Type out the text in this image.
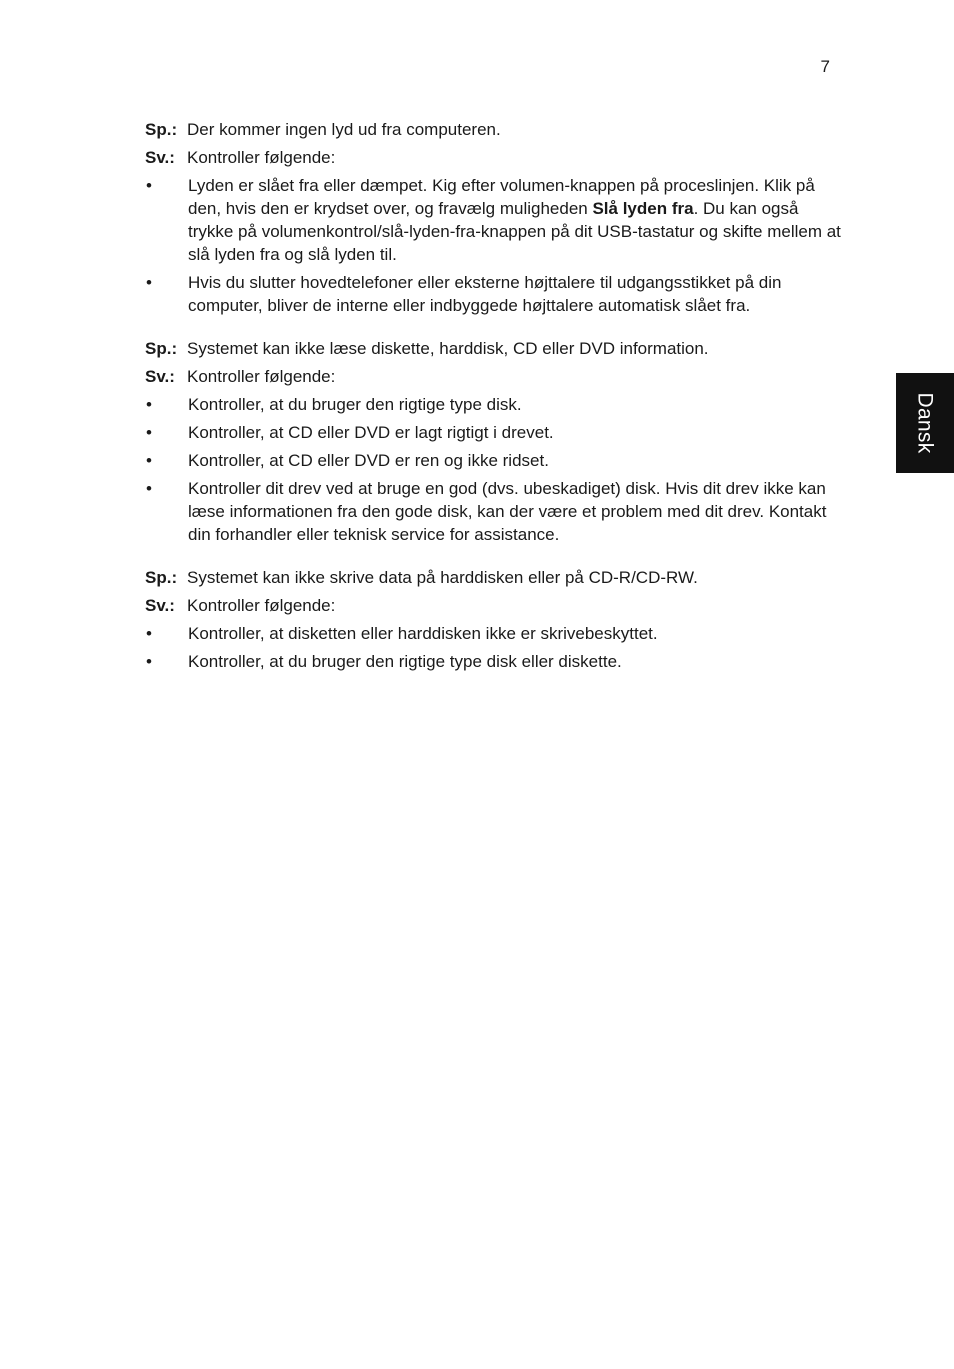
7
Dansk
Sp.: Der kommer ingen lyd ud fra computeren.
Sv.: Kontroller følgende:
•	Lyden er slået fra eller dæmpet. Kig efter volumen-knappen på proceslinjen. Klik på den, hvis den er krydset over, og fravælg muligheden Slå lyden fra. Du kan også trykke på volumenkontrol/slå-lyden-fra-knappen på dit USB-tastatur og skifte mellem at slå lyden fra og slå lyden til.
•	Hvis du slutter hovedtelefoner eller eksterne højttalere til udgangsstikket på din computer, bliver de interne eller indbyggede højttalere automatisk slået fra.
Sp.: Systemet kan ikke læse diskette, harddisk, CD eller DVD information.
Sv.: Kontroller følgende:
•	Kontroller, at du bruger den rigtige type disk.
•	Kontroller, at CD eller DVD er lagt rigtigt i drevet.
•	Kontroller, at CD eller DVD er ren og ikke ridset.
•	Kontroller dit drev ved at bruge en god (dvs. ubeskadiget) disk. Hvis dit drev ikke kan læse informationen fra den gode disk, kan der være et problem med dit drev. Kontakt din forhandler eller teknisk service for assistance.
Sp.: Systemet kan ikke skrive data på harddisken eller på CD-R/CD-RW.
Sv.: Kontroller følgende:
•	Kontroller, at disketten eller harddisken ikke er skrivebeskyttet.
•	Kontroller, at du bruger den rigtige type disk eller diskette.
